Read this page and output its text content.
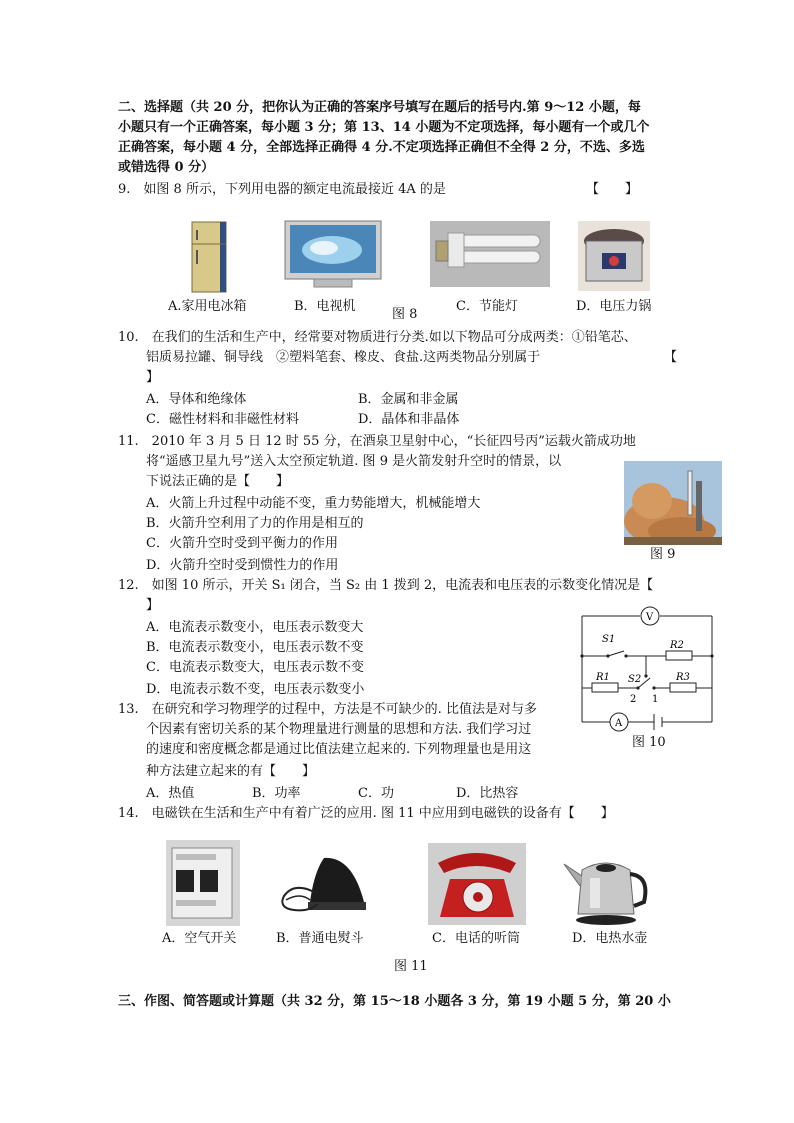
二、选择题（共 20 分，把你认为正确的答案序号填写在题后的括号内.第 9～12 小题，每
小题只有一个正确答案，每小题 3 分；第 13、14 小题为不定项选择，每小题有一个或几个
正确答案，每小题 4 分，全部选择正确得 4 分.不定项选择正确但不全得 2 分，不选、多选
或错选得 0 分）
9.　如图 8 所示，下列用电器的额定电流最接近 4A 的是	【　　】
A.家用电冰箱	B．电视机
图 8
C．节能灯	D．电压力锅
10.　在我们的生活和生产中，经常要对物质进行分类.如以下物品可分成两类：①铅笔芯、
铝质易拉罐、铜导线　②塑料笔套、橡皮、食盐.这两类物品分别属于	【
】
A．导体和绝缘体	B．金属和非金属
C．磁性材料和非磁性材料	D．晶体和非晶体
11.　2010 年 3 月 5 日 12 时 55 分，在酒泉卫星射中心，“长征四号丙”运载火箭成功地
将“遥感卫星九号”送入太空预定轨道. 图 9 是火箭发射升空时的情景，以
下说法正确的是【　　】
A．火箭上升过程中动能不变，重力势能增大，机械能增大
B．火箭升空利用了力的作用是相互的
C．火箭升空时受到平衡力的作用
D．火箭升空时受到惯性力的作用
图 9
12.　如图 10 所示，开关 S₁ 闭合，当 S₂ 由 1 拨到 2，电流表和电压表的示数变化情况是【
】
A．电流表示数变小，电压表示数变大
B．电流表示数变小，电压表示数不变
C．电流表示数变大，电压表示数不变
D．电流表示数不变，电压表示数变小
V
A
S1
R2
R1 S2	R3
2 1
图 10
13.　在研究和学习物理学的过程中，方法是不可缺少的. 比值法是对与多
个因素有密切关系的某个物理量进行测量的思想和方法. 我们学习过
的速度和密度概念都是通过比值法建立起来的. 下列物理量也是用这
种方法建立起来的有【　　】
A．热值	B．功率	C．功	D．比热容
14.　电磁铁在生活和生产中有着广泛的应用. 图 11 中应用到电磁铁的设备有【　　】
A．空气开关	B．普通电熨斗	C．电话的听筒	D．电热水壶
图 11
三、作图、简答题或计算题（共 32 分，第 15～18 小题各 3 分，第 19 小题 5 分，第 20 小
